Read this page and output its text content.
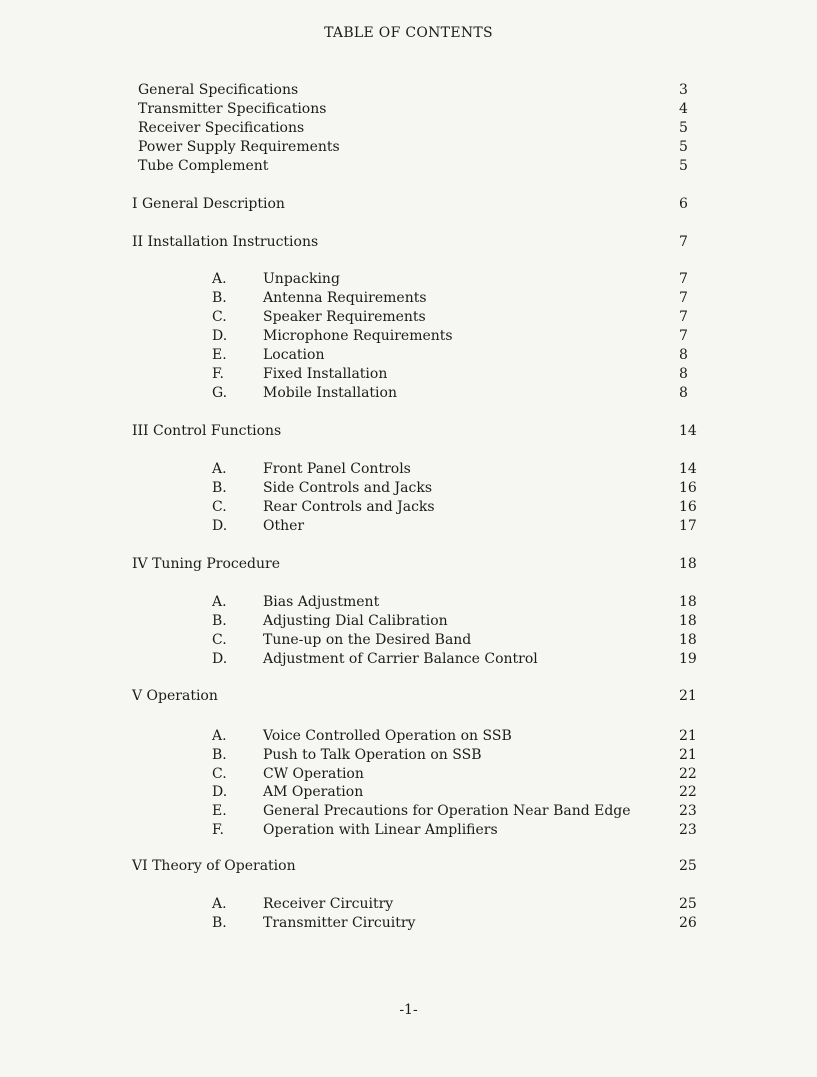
TABLE OF CONTENTS
General Specifications	3
Transmitter Specifications	4
Receiver Specifications	5
Power Supply Requirements	5
Tube Complement	5
I General Description	6
II Installation Instructions	7
A.	Unpacking	7
B.	Antenna Requirements	7
C.	Speaker Requirements	7
D.	Microphone Requirements	7
E.	Location	8
F.	Fixed Installation	8
G.	Mobile Installation	8
III Control Functions	14
A.	Front Panel Controls	14
B.	Side Controls and Jacks	16
C.	Rear Controls and Jacks	16
D.	Other	17
IV Tuning Procedure	18
A.	Bias Adjustment	18
B.	Adjusting Dial Calibration	18
C.	Tune-up on the Desired Band	18
D.	Adjustment of Carrier Balance Control	19
V Operation	21
A.	Voice Controlled Operation on SSB	21
B.	Push to Talk Operation on SSB	21
C.	CW Operation	22
D.	AM Operation	22
E.	General Precautions for Operation Near Band Edge	23
F.	Operation with Linear Amplifiers	23
VI Theory of Operation	25
A.	Receiver Circuitry	25
B.	Transmitter Circuitry	26
-1-
